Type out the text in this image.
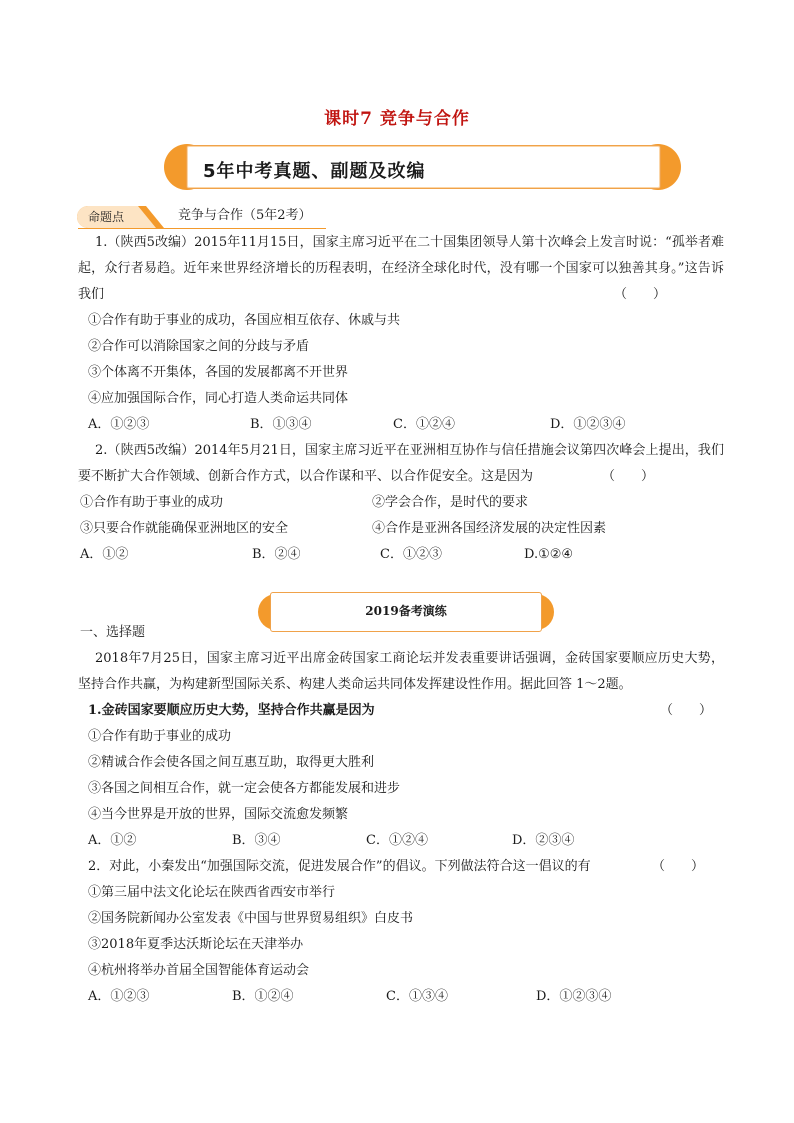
课时7 竞争与合作
5年中考真题、副题及改编
命题点	竞争与合作（5年2考）
1.（陕西5改编）2015年11月15日，国家主席习近平在二十国集团领导人第十次峰会上发言时说：“孤举者难起，众行者易趋。近年来世界经济增长的历程表明，在经济全球化时代，没有哪一个国家可以独善其身。”这告诉我们	（　　）
①合作有助于事业的成功，各国应相互依存、休戚与共
②合作可以消除国家之间的分歧与矛盾
③个体离不开集体，各国的发展都离不开世界
④应加强国际合作，同心打造人类命运共同体
A．①②③	B．①③④	C．①②④	D．①②③④
2.（陕西5改编）2014年5月21日，国家主席习近平在亚洲相互协作与信任措施会议第四次峰会上提出，我们要不断扩大合作领域、创新合作方式，以合作谋和平、以合作促安全。这是因为	（　　）
①合作有助于事业的成功	②学会合作，是时代的要求
③只要合作就能确保亚洲地区的安全	④合作是亚洲各国经济发展的决定性因素
A．①②	B．②④	C．①②③	D.①②④
2019备考演练
一、选择题
2018年7月25日，国家主席习近平出席金砖国家工商论坛并发表重要讲话强调，金砖国家要顺应历史大势，坚持合作共赢，为构建新型国际关系、构建人类命运共同体发挥建设性作用。据此回答 1～2题。
1.金砖国家要顺应历史大势，坚持合作共赢是因为	（　　）
①合作有助于事业的成功
②精诚合作会使各国之间互惠互助，取得更大胜利
③各国之间相互合作，就一定会使各方都能发展和进步
④当今世界是开放的世界，国际交流愈发频繁
A．①②	B．③④	C．①②④	D．②③④
2．对此，小秦发出“加强国际交流，促进发展合作”的倡议。下列做法符合这一倡议的有	（　　）
①第三届中法文化论坛在陕西省西安市举行
②国务院新闻办公室发表《中国与世界贸易组织》白皮书
③2018年夏季达沃斯论坛在天津举办
④杭州将举办首届全国智能体育运动会
A．①②③	B．①②④	C．①③④	D．①②③④
